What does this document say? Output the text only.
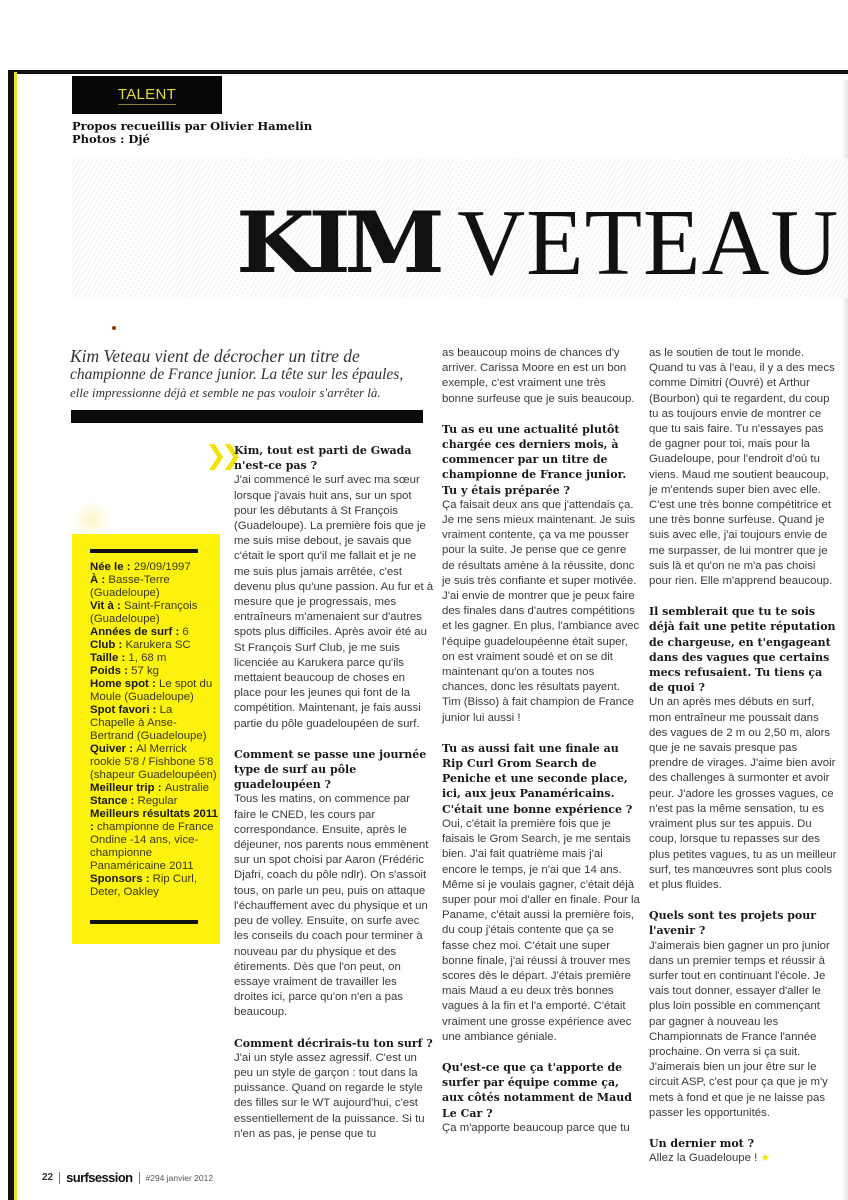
TALENT
Propos recueillis par Olivier Hamelin
Photos : Djé
KIM VETEAU
Kim Veteau vient de décrocher un titre de
championne de France junior. La tête sur les épaules,
elle impressionne déjà et semble ne pas vouloir s'arrêter là.
❯❯
Née le : 29/09/1997
À : Basse-Terre (Guadeloupe)
Vit à : Saint-François (Guadeloupe)
Années de surf : 6
Club : Karukera SC
Taille : 1, 68 m
Poids : 57 kg
Home spot : Le spot du Moule (Guadeloupe)
Spot favori : La Chapelle à Anse-Bertrand (Guadeloupe)
Quiver : Al Merrick rookie 5'8 / Fishbone 5'8 (shapeur Guadeloupéen)
Meilleur trip : Australie
Stance : Regular
Meilleurs résultats 2011 : championne de France Ondine -14 ans, vice-championne Panaméricaine 2011
Sponsors : Rip Curl, Deter, Oakley

Kim, tout est parti de Gwada n'est-ce pas ?

J'ai commencé le surf avec ma sœur lorsque j'avais huit ans, sur un spot pour les débutants à St François (Guadeloupe). La première fois que je me suis mise debout, je savais que c'était le sport qu'il me fallait et je ne me suis plus jamais arrêtée, c'est devenu plus qu'une passion. Au fur et à mesure que je progressais, mes entraîneurs m'amenaient sur d'autres spots plus difficiles. Après avoir été au St François Surf Club, je me suis licenciée au Karukera parce qu'ils mettaient beaucoup de choses en place pour les jeunes qui font de la compétition. Maintenant, je fais aussi partie du pôle guadeloupéen de surf.

Comment se passe une journée type de surf au pôle guadeloupéen ?

Tous les matins, on commence par faire le CNED, les cours par correspondance. Ensuite, après le déjeuner, nos parents nous emmènent sur un spot choisi par Aaron (Frédéric Djafri, coach du pôle ndlr). On s'assoit tous, on parle un peu, puis on attaque l'échauffement avec du physique et un peu de volley. Ensuite, on surfe avec les conseils du coach pour terminer à nouveau par du physique et des étirements. Dès que l'on peut, on essaye vraiment de travailler les droites ici, parce qu'on n'en a pas beaucoup.

Comment décrirais-tu ton surf ?

J'ai un style assez agressif. C'est un peu un style de garçon : tout dans la puissance. Quand on regarde le style des filles sur le WT aujourd'hui, c'est essentiellement de la puissance. Si tu n'en as pas, je pense que tu

as beaucoup moins de chances d'y arriver. Carissa Moore en est un bon exemple, c'est vraiment une très bonne surfeuse que je suis beaucoup.

Tu as eu une actualité plutôt chargée ces derniers mois, à commencer par un titre de championne de France junior. Tu y étais préparée ?

Ça faisait deux ans que j'attendais ça. Je me sens mieux maintenant. Je suis vraiment contente, ça va me pousser pour la suite. Je pense que ce genre de résultats amène à la réussite, donc je suis très confiante et super motivée. J'ai envie de montrer que je peux faire des finales dans d'autres compétitions et les gagner. En plus, l'ambiance avec l'équipe guadeloupéenne était super, on est vraiment soudé et on se dit maintenant qu'on a toutes nos chances, donc les résultats payent. Tim (Bisso) à fait champion de France junior lui aussi !

Tu as aussi fait une finale au Rip Curl Grom Search de Peniche et une seconde place, ici, aux jeux Panaméricains. C'était une bonne expérience ?

Oui, c'était la première fois que je faisais le Grom Search, je me sentais bien. J'ai fait quatrième mais j'ai encore le temps, je n'ai que 14 ans. Même si je voulais gagner, c'était déjà super pour moi d'aller en finale. Pour la Paname, c'était aussi la première fois, du coup j'étais contente que ça se fasse chez moi. C'était une super bonne finale, j'ai réussi à trouver mes scores dès le départ. J'étais première mais Maud a eu deux très bonnes vagues à la fin et l'a emporté. C'était vraiment une grosse expérience avec une ambiance géniale.

Qu'est-ce que ça t'apporte de surfer par équipe comme ça, aux côtés notamment de Maud Le Car ?

Ça m'apporte beaucoup parce que tu

as le soutien de tout le monde. Quand tu vas à l'eau, il y a des mecs comme Dimitri (Ouvré) et Arthur (Bourbon) qui te regardent, du coup tu as toujours envie de montrer ce que tu sais faire. Tu n'essayes pas de gagner pour toi, mais pour la Guadeloupe, pour l'endroit d'où tu viens. Maud me soutient beaucoup, je m'entends super bien avec elle. C'est une très bonne compétitrice et une très bonne surfeuse. Quand je suis avec elle, j'ai toujours envie de me surpasser, de lui montrer que je suis là et qu'on ne m'a pas choisi pour rien. Elle m'apprend beaucoup.

Il semblerait que tu te sois déjà fait une petite réputation de chargeuse, en t'engageant dans des vagues que certains mecs refusaient. Tu tiens ça de quoi ?

Un an après mes débuts en surf, mon entraîneur me poussait dans des vagues de 2 m ou 2,50 m, alors que je ne savais presque pas prendre de virages. J'aime bien avoir des challenges à surmonter et avoir peur. J'adore les grosses vagues, ce n'est pas la même sensation, tu es vraiment plus sur tes appuis. Du coup, lorsque tu repasses sur des plus petites vagues, tu as un meilleur surf, tes manœuvres sont plus cools et plus fluides.

Quels sont tes projets pour l'avenir ?

J'aimerais bien gagner un pro junior dans un premier temps et réussir à surfer tout en continuant l'école. Je vais tout donner, essayer d'aller le plus loin possible en commençant par gagner à nouveau les Championnats de France l'année prochaine. On verra si ça suit. J'aimerais bien un jour être sur le circuit ASP, c'est pour ça que je m'y mets à fond et que je ne laisse pas passer les opportunités.

Un dernier mot ?

Allez la Guadeloupe ! ★

22 surfsession #294 janvier 2012
